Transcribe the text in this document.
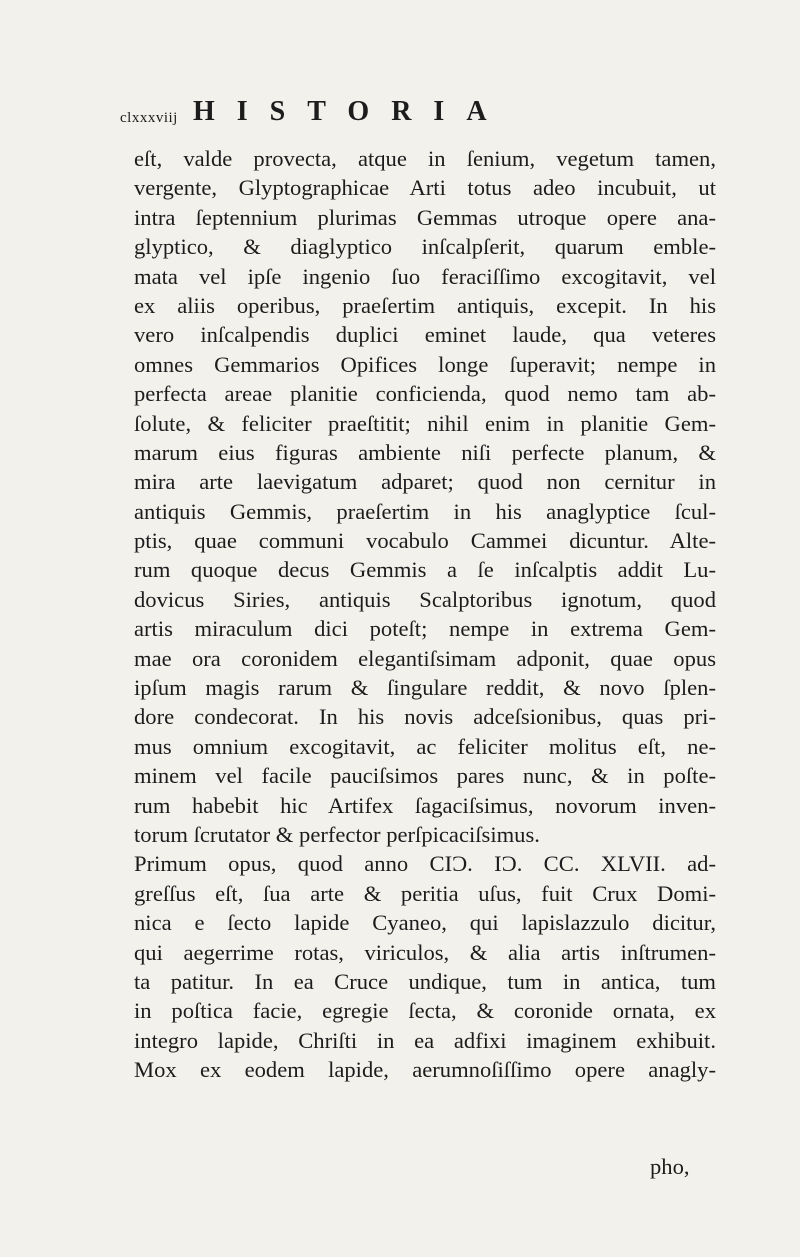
clxxxviij HISTORIA
eſt, valde provecta, atque in ſenium, vegetum tamen,
vergente, Glyptographicae Arti totus adeo incubuit, ut
intra ſeptennium plurimas Gemmas utroque opere ana-
glyptico, & diaglyptico inſcalpſerit, quarum emble-
mata vel ipſe ingenio ſuo feraciſſimo excogitavit, vel
ex aliis operibus, praeſertim antiquis, excepit. In his
vero inſcalpendis duplici eminet laude, qua veteres
omnes Gemmarios Opifices longe ſuperavit; nempe in
perfecta areae planitie conficienda, quod nemo tam ab-
ſolute, & feliciter praeſtitit; nihil enim in planitie Gem-
marum eius figuras ambiente niſi perfecte planum, &
mira arte laevigatum adparet; quod non cernitur in
antiquis Gemmis, praeſertim in his anaglyptice ſcul-
ptis, quae communi vocabulo Cammei dicuntur. Alte-
rum quoque decus Gemmis a ſe inſcalptis addit Lu-
dovicus Siries, antiquis Scalptoribus ignotum, quod
artis miraculum dici poteſt; nempe in extrema Gem-
mae ora coronidem elegantiſsimam adponit, quae opus
ipſum magis rarum & ſingulare reddit, & novo ſplen-
dore condecorat. In his novis adceſsionibus, quas pri-
mus omnium excogitavit, ac feliciter molitus eſt, ne-
minem vel facile pauciſsimos pares nunc, & in poſte-
rum habebit hic Artifex ſagaciſsimus, novorum inven-
torum ſcrutator & perfector perſpicaciſsimus.
Primum opus, quod anno CIƆ. IƆ. CC. XLVII. ad-
greſſus eſt, ſua arte & peritia uſus, fuit Crux Domi-
nica e ſecto lapide Cyaneo, qui lapislazzulo dicitur,
qui aegerrime rotas, viriculos, & alia artis inſtrumen-
ta patitur. In ea Cruce undique, tum in antica, tum
in poſtica facie, egregie ſecta, & coronide ornata, ex
integro lapide, Chriſti in ea adfixi imaginem exhibuit.
Mox ex eodem lapide, aerumnoſiſſimo opere anagly-
pho,
